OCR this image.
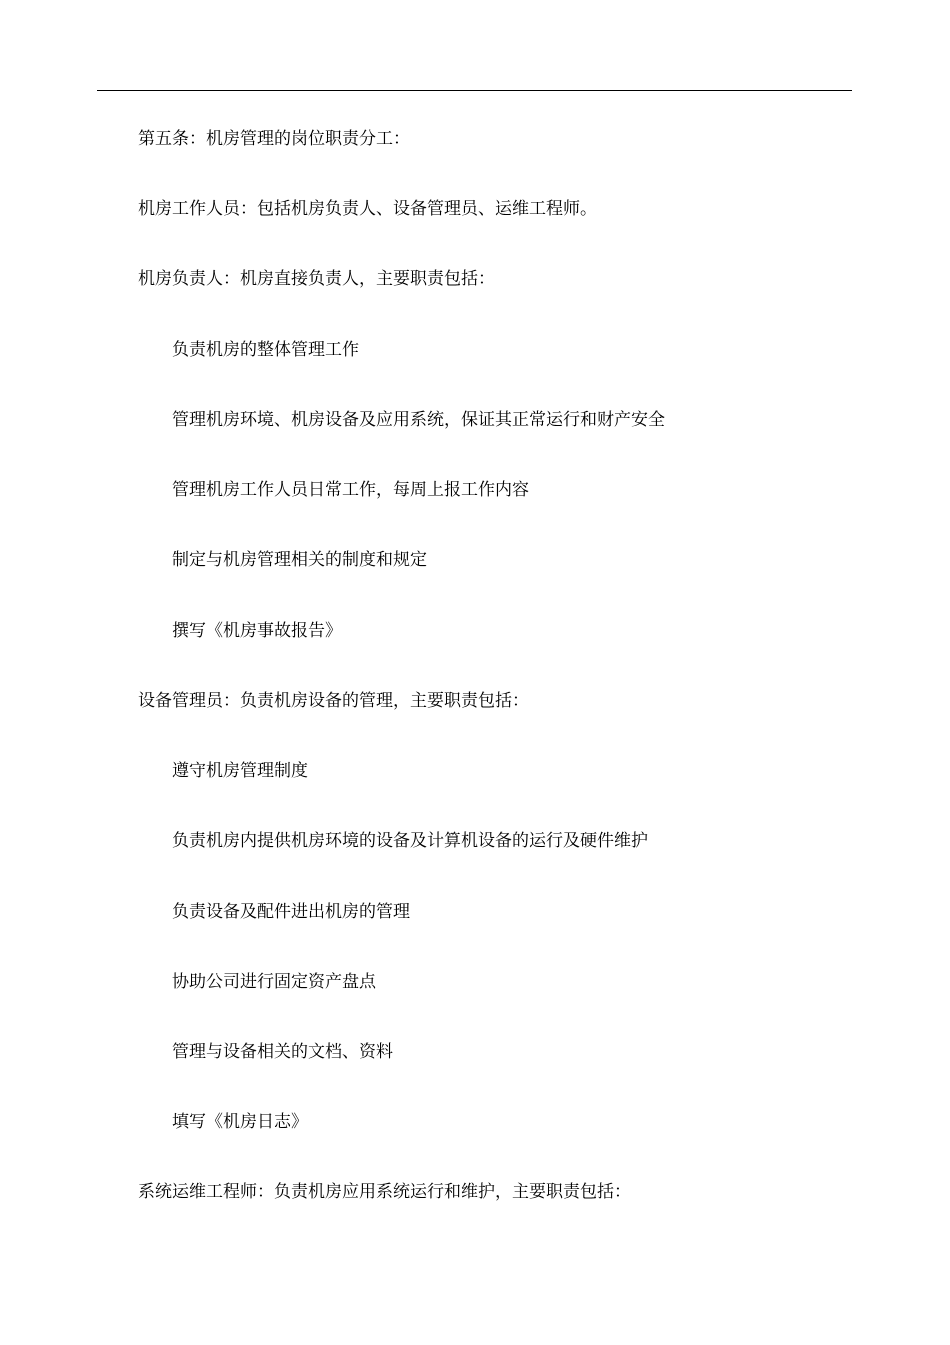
第五条：机房管理的岗位职责分工：
机房工作人员：包括机房负责人、设备管理员、运维工程师。
机房负责人：机房直接负责人，主要职责包括：
负责机房的整体管理工作
管理机房环境、机房设备及应用系统，保证其正常运行和财产安全
管理机房工作人员日常工作，每周上报工作内容
制定与机房管理相关的制度和规定
撰写《机房事故报告》
设备管理员：负责机房设备的管理，主要职责包括：
遵守机房管理制度
负责机房内提供机房环境的设备及计算机设备的运行及硬件维护
负责设备及配件进出机房的管理
协助公司进行固定资产盘点
管理与设备相关的文档、资料
填写《机房日志》
系统运维工程师：负责机房应用系统运行和维护，主要职责包括：
